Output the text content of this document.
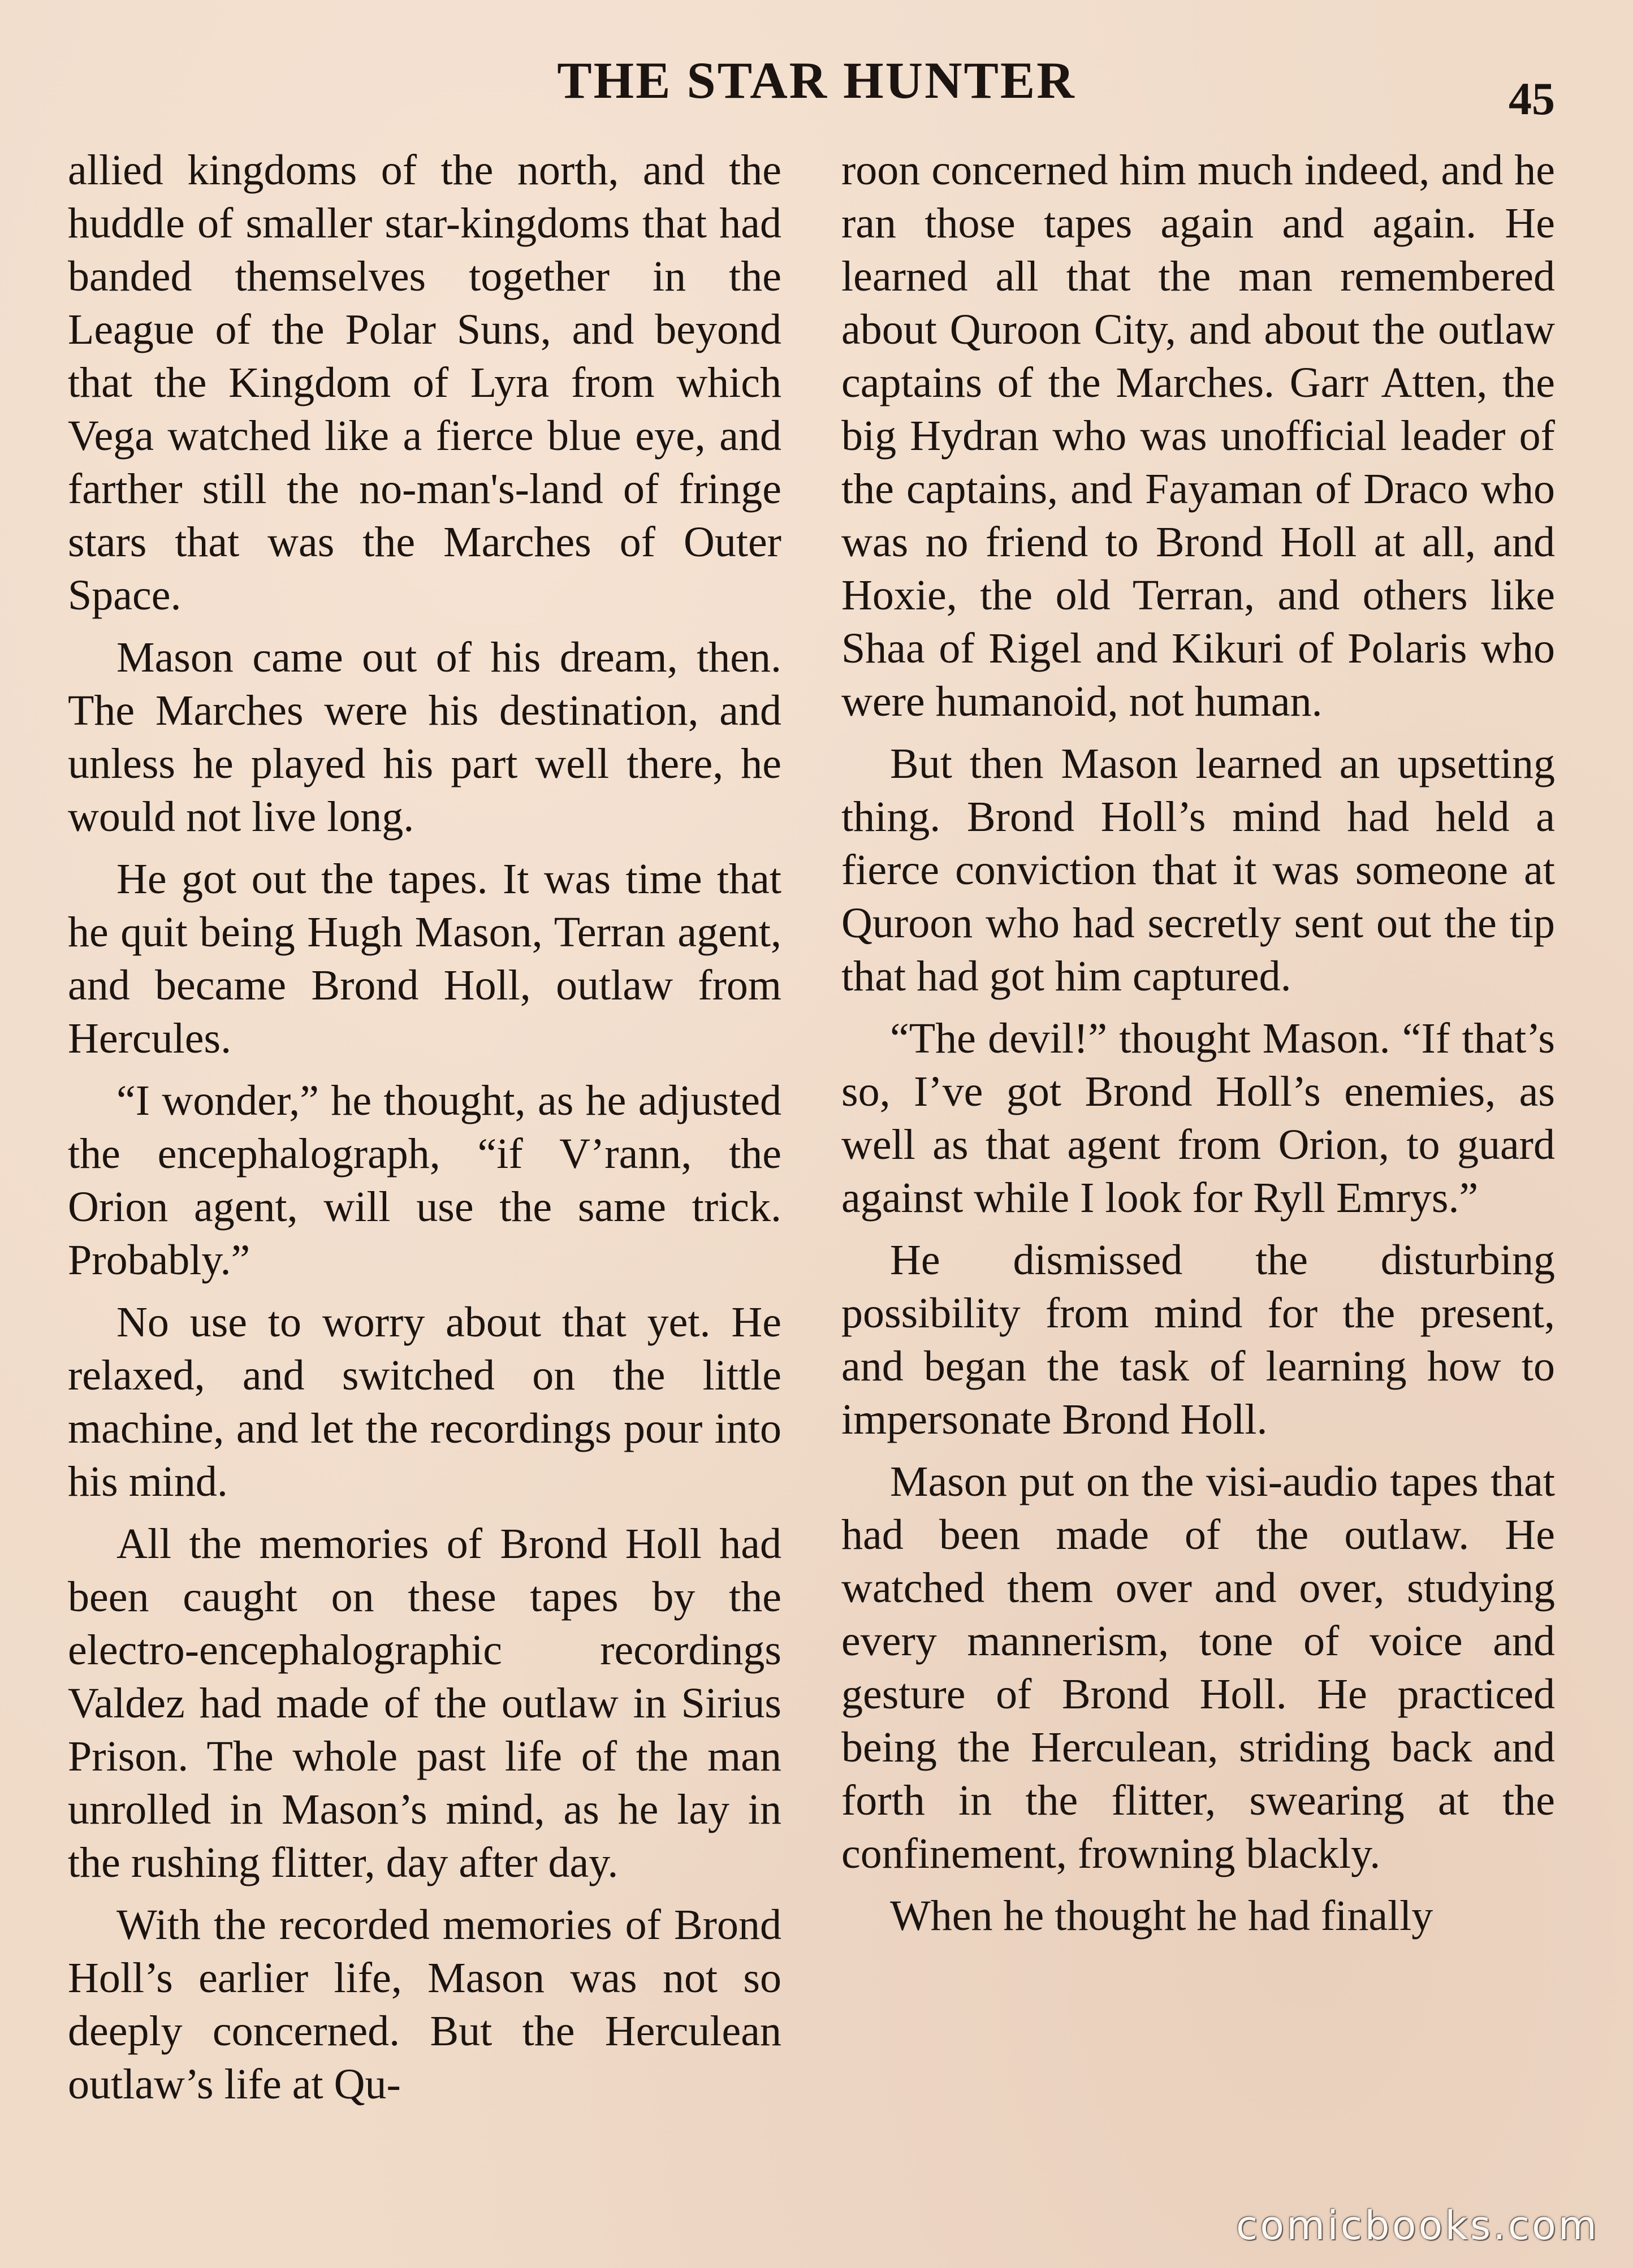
THE STAR HUNTER	45

allied kingdoms of the north, and the huddle of smaller star-kingdoms that had banded themselves together in the League of the Polar Suns, and beyond that the Kingdom of Lyra from which Vega watched like a fierce blue eye, and farther still the no-man's-land of fringe stars that was the Marches of Outer Space.

Mason came out of his dream, then. The Marches were his destination, and unless he played his part well there, he would not live long.

He got out the tapes. It was time that he quit being Hugh Mason, Terran agent, and became Brond Holl, outlaw from Hercules.

“I wonder,” he thought, as he adjusted the encephalograph, “if V’rann, the Orion agent, will use the same trick. Probably.”

No use to worry about that yet. He relaxed, and switched on the little machine, and let the recordings pour into his mind.

All the memories of Brond Holl had been caught on these tapes by the electro-encephalographic recordings Valdez had made of the outlaw in Sirius Prison. The whole past life of the man unrolled in Mason’s mind, as he lay in the rushing flitter, day after day.

With the recorded memories of Brond Holl’s earlier life, Mason was not so deeply concerned. But the Herculean outlaw’s life at Qu-

roon concerned him much indeed, and he ran those tapes again and again. He learned all that the man remembered about Quroon City, and about the outlaw captains of the Marches. Garr Atten, the big Hydran who was unofficial leader of the captains, and Fayaman of Draco who was no friend to Brond Holl at all, and Hoxie, the old Terran, and others like Shaa of Rigel and Kikuri of Polaris who were humanoid, not human.

But then Mason learned an upsetting thing. Brond Holl’s mind had held a fierce conviction that it was someone at Quroon who had secretly sent out the tip that had got him captured.

“The devil!” thought Mason. “If that’s so, I’ve got Brond Holl’s enemies, as well as that agent from Orion, to guard against while I look for Ryll Emrys.”

He dismissed the disturbing possibility from mind for the present, and began the task of learning how to impersonate Brond Holl.

Mason put on the visi-audio tapes that had been made of the outlaw. He watched them over and over, studying every mannerism, tone of voice and gesture of Brond Holl. He practiced being the Herculean, striding back and forth in the flitter, swearing at the confinement, frowning blackly.

When he thought he had finally

comicbooks.com
